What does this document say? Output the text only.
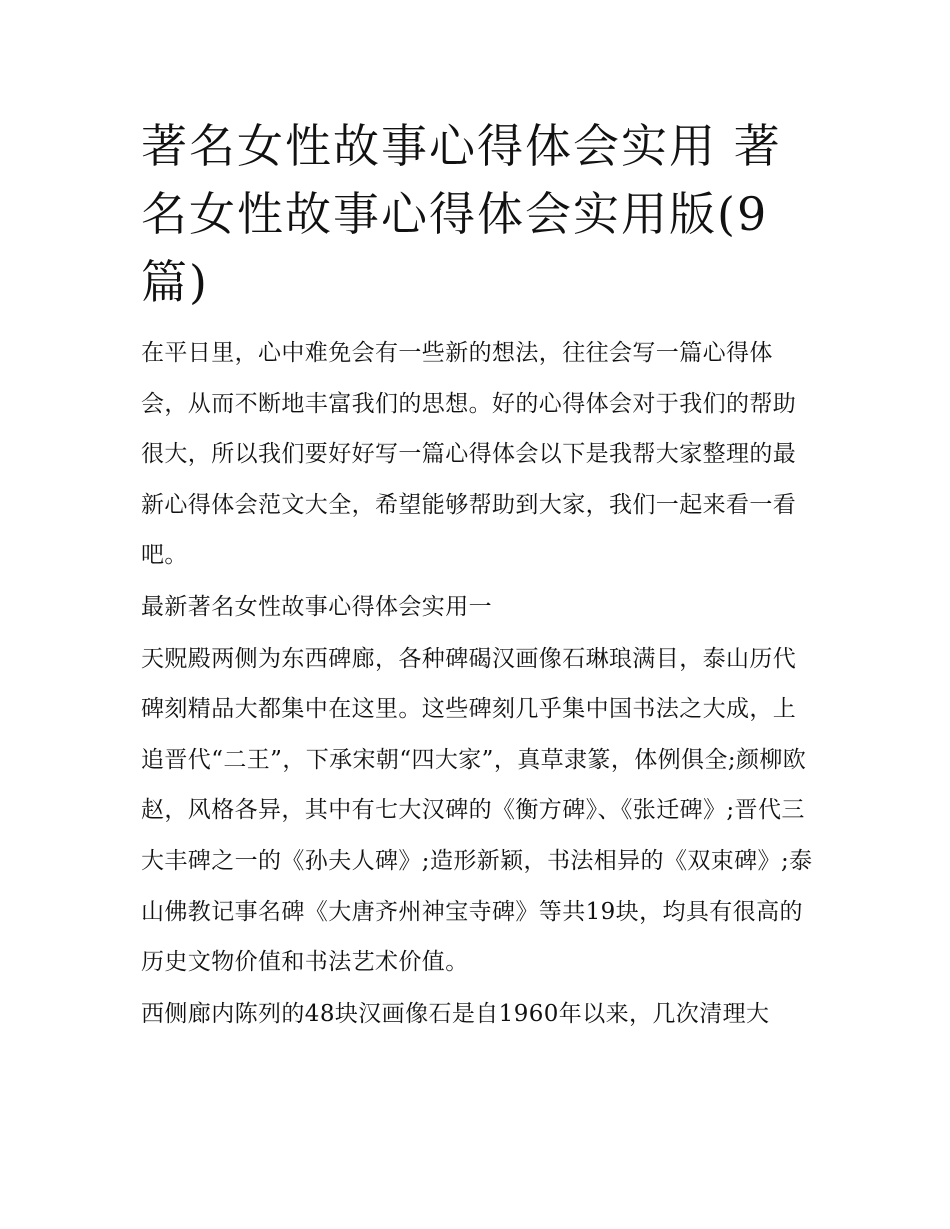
著名女性故事心得体会实用 著名女性故事心得体会实用版(9篇)

在平日里，心中难免会有一些新的想法，往往会写一篇心得体会，从而不断地丰富我们的思想。好的心得体会对于我们的帮助很大，所以我们要好好写一篇心得体会以下是我帮大家整理的最新心得体会范文大全，希望能够帮助到大家，我们一起来看一看吧。

最新著名女性故事心得体会实用一

天贶殿两侧为东西碑廊，各种碑碣汉画像石琳琅满目，泰山历代碑刻精品大都集中在这里。这些碑刻几乎集中国书法之大成，上追晋代“二王”，下承宋朝“四大家”，真草隶篆，体例俱全;颜柳欧赵，风格各异，其中有七大汉碑的《衡方碑》、《张迁碑》;晋代三大丰碑之一的《孙夫人碑》;造形新颖，书法相异的《双束碑》;泰山佛教记事名碑《大唐齐州神宝寺碑》等共19块，均具有很高的历史文物价值和书法艺术价值。

西侧廊内陈列的48块汉画像石是自1960年以来，几次清理大
